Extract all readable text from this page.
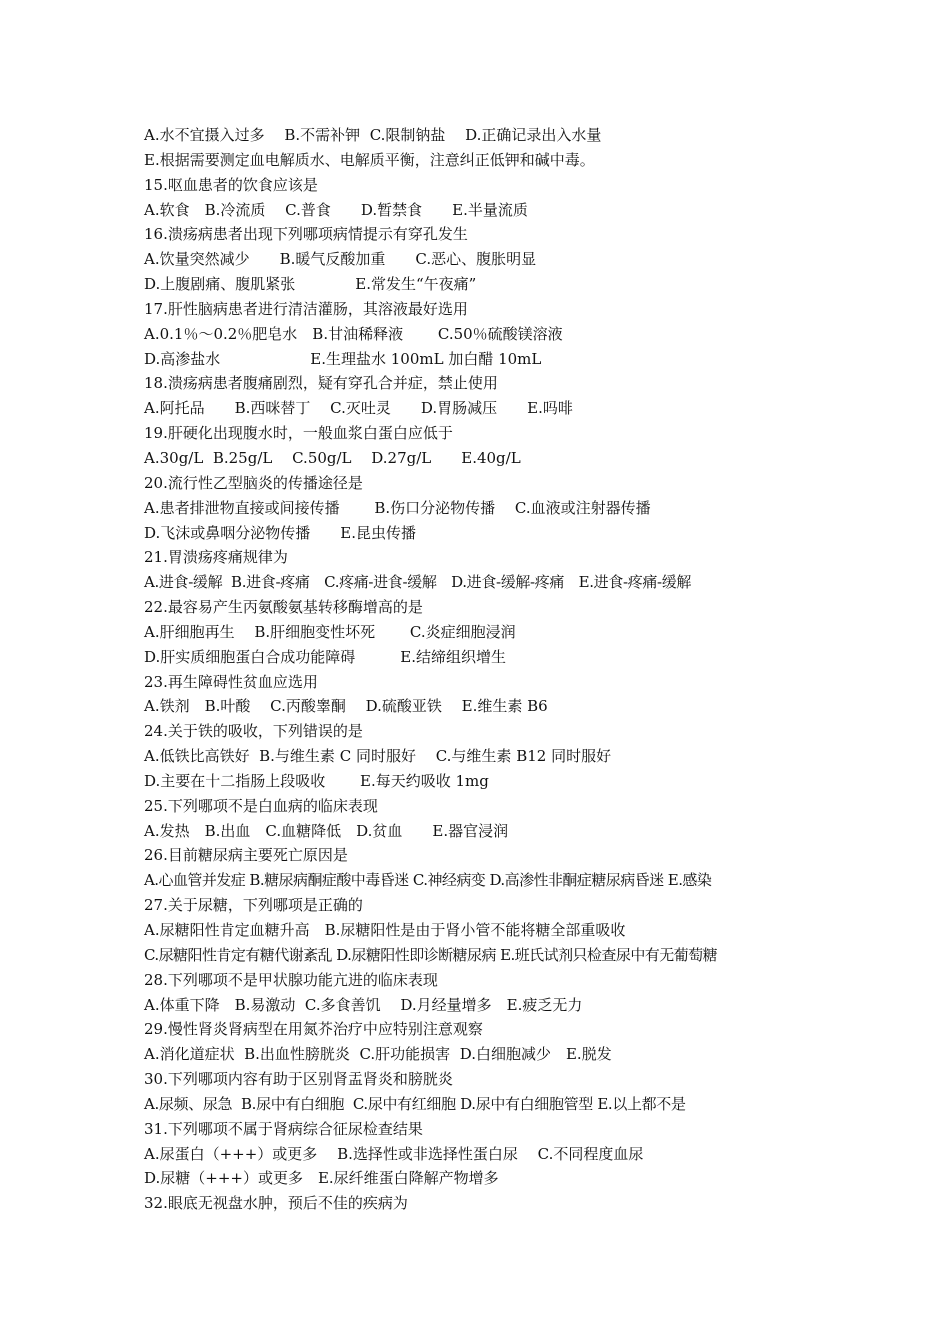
A.水不宜摄入过多　 B.不需补钾  C.限制钠盐　 D.正确记录出入水量
E.根据需要测定血电解质水、电解质平衡，注意纠正低钾和碱中毒。
15.呕血患者的饮食应该是
A.软食　B.冷流质　 C.普食　　D.暂禁食　　E.半量流质
16.溃疡病患者出现下列哪项病情提示有穿孔发生
A.饮量突然减少　　B.暖气反酸加重　　C.恶心、腹胀明显
D.上腹剧痛、腹肌紧张　　　　E.常发生“午夜痛”
17.肝性脑病患者进行清洁灌肠，其溶液最好选用
A.0.1％～0.2％肥皂水　B.甘油稀释液　　 C.50％硫酸镁溶液
D.高渗盐水　　　　　　E.生理盐水 100mL 加白醋 10mL
18.溃疡病患者腹痛剧烈，疑有穿孔合并症，禁止使用
A.阿托品　　B.西咪替丁　 C.灭吐灵　　D.胃肠减压　　E.吗啡
19.肝硬化出现腹水时，一般血浆白蛋白应低于
A.30g/L  B.25g/L　 C.50g/L　 D.27g/L　　E.40g/L
20.流行性乙型脑炎的传播途径是
A.患者排泄物直接或间接传播　　 B.伤口分泌物传播　 C.血液或注射器传播
D.飞沫或鼻咽分泌物传播　　E.昆虫传播
21.胃溃疡疼痛规律为
A.进食-缓解  B.进食-疼痛　C.疼痛-进食-缓解　D.进食-缓解-疼痛　E.进食-疼痛-缓解
22.最容易产生丙氨酸氨基转移酶增高的是
A.肝细胞再生　 B.肝细胞变性坏死　　 C.炎症细胞浸润
D.肝实质细胞蛋白合成功能障碍　　　E.结缔组织增生
23.再生障碍性贫血应选用
A.铁剂　B.叶酸　 C.丙酸睾酮　 D.硫酸亚铁　 E.维生素 B6
24.关于铁的吸收，下列错误的是
A.低铁比高铁好  B.与维生素 C 同时服好　 C.与维生素 B12 同时服好
D.主要在十二指肠上段吸收　　 E.每天约吸收 1mg
25.下列哪项不是白血病的临床表现
A.发热　B.出血　C.血糖降低　D.贫血　　E.器官浸润
26.目前糖尿病主要死亡原因是
A.心血管并发症 B.糖尿病酮症酸中毒昏迷 C.神经病变 D.高渗性非酮症糖尿病昏迷 E.感染
27.关于尿糖，下列哪项是正确的
A.尿糖阳性肯定血糖升高　B.尿糖阳性是由于肾小管不能将糖全部重吸收
C.尿糖阳性肯定有糖代谢紊乱 D.尿糖阳性即诊断糖尿病 E.班氏试剂只检查尿中有无葡萄糖
28.下列哪项不是甲状腺功能亢进的临床表现
A.体重下降　B.易激动  C.多食善饥　 D.月经量增多　E.疲乏无力
29.慢性肾炎肾病型在用氮芥治疗中应特别注意观察
A.消化道症状  B.出血性膀胱炎  C.肝功能损害  D.白细胞减少　E.脱发
30.下列哪项内容有助于区别肾盂肾炎和膀胱炎
A.尿频、尿急  B.尿中有白细胞  C.尿中有红细胞 D.尿中有白细胞管型 E.以上都不是
31.下列哪项不属于肾病综合征尿检查结果
A.尿蛋白（+++）或更多　 B.选择性或非选择性蛋白尿　 C.不同程度血尿
D.尿糖（+++）或更多　E.尿纤维蛋白降解产物增多
32.眼底无视盘水肿，预后不佳的疾病为
